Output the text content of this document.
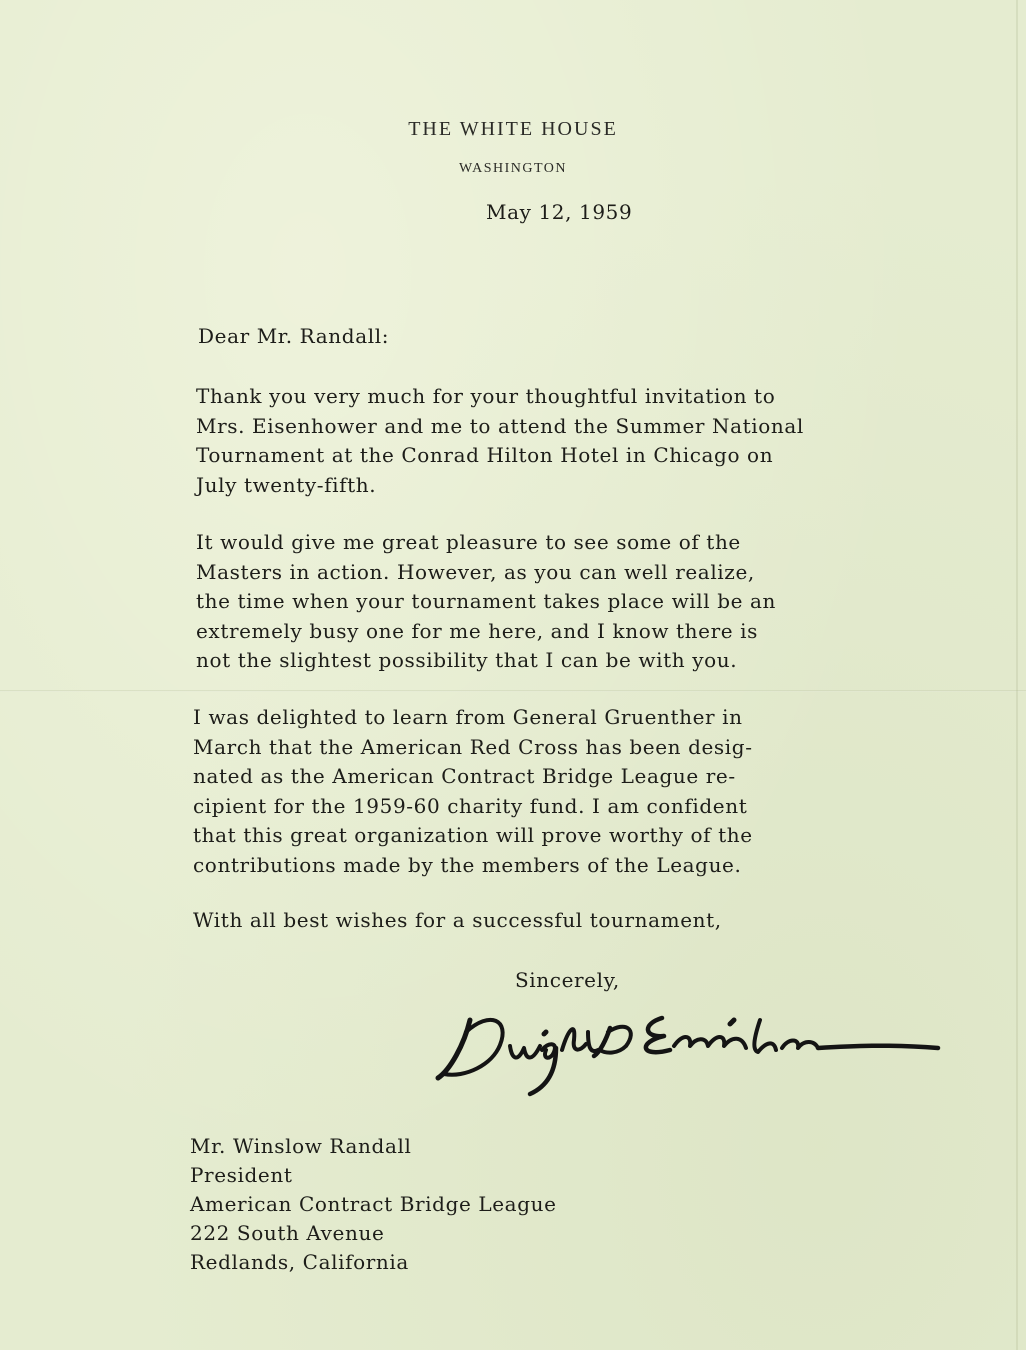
THE WHITE HOUSE
WASHINGTON
May 12, 1959
Dear Mr. Randall:
Thank you very much for your thoughtful invitation to
Mrs. Eisenhower and me to attend the Summer National
Tournament at the Conrad Hilton Hotel in Chicago on
July twenty-fifth.
It would give me great pleasure to see some of the
Masters in action. However, as you can well realize,
the time when your tournament takes place will be an
extremely busy one for me here, and I know there is
not the slightest possibility that I can be with you.
I was delighted to learn from General Gruenther in
March that the American Red Cross has been desig-
nated as the American Contract Bridge League re-
cipient for the 1959-60 charity fund. I am confident
that this great organization will prove worthy of the
contributions made by the members of the League.
With all best wishes for a successful tournament,
Sincerely,
Mr. Winslow Randall
President
American Contract Bridge League
222 South Avenue
Redlands, California
